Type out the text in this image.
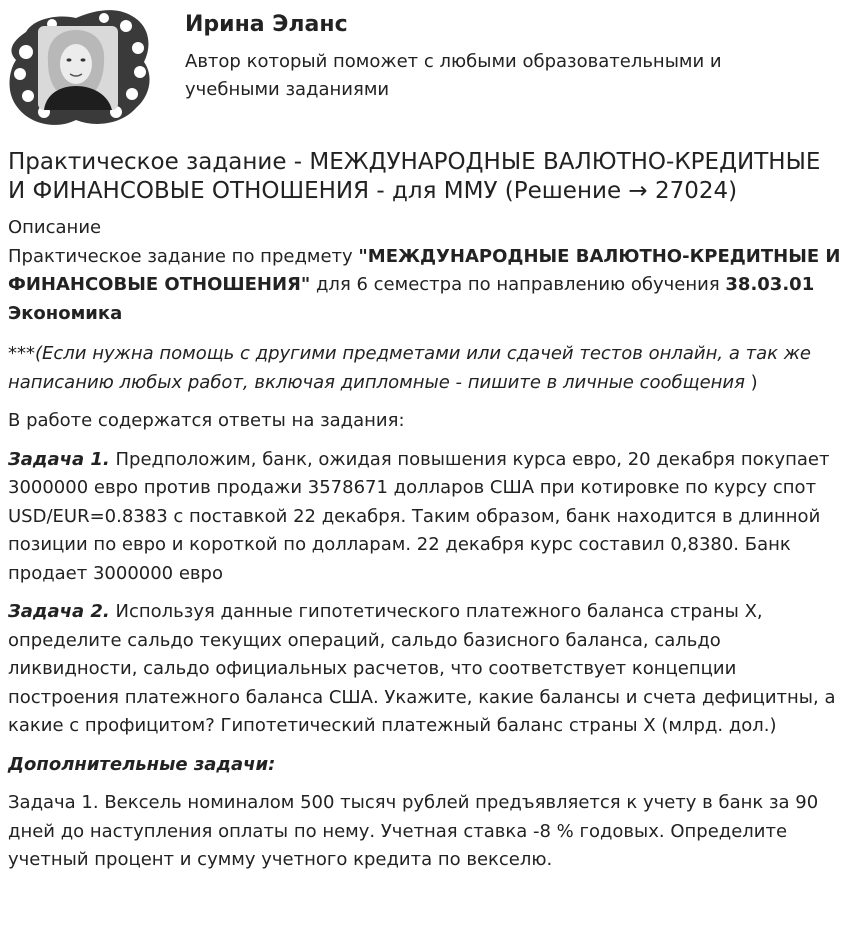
Ирина Эланс

Автор который поможет с любыми образовательными и учебными заданиями

Практическое задание - МЕЖДУНАРОДНЫЕ ВАЛЮТНО-КРЕДИТНЫЕ И ФИНАНСОВЫЕ ОТНОШЕНИЯ - для ММУ (Решение → 27024)

Описание

Практическое задание по предмету "МЕЖДУНАРОДНЫЕ ВАЛЮТНО-КРЕДИТНЫЕ И ФИНАНСОВЫЕ ОТНОШЕНИЯ" для 6 семестра по направлению обучения 38.03.01 Экономика

***(Если нужна помощь с другими предметами или сдачей тестов онлайн, а так же написанию любых работ, включая дипломные - пишите в личные сообщения )

В работе содержатся ответы на задания:

Задача 1. Предположим, банк, ожидая повышения курса евро, 20 декабря покупает 3000000 евро против продажи 3578671 долларов США при котировке по курсу спот USD/EUR=0.8383 с поставкой 22 декабря. Таким образом, банк находится в длинной позиции по евро и короткой по долларам. 22 декабря курс составил 0,8380. Банк продает 3000000 евро

Задача 2. Используя данные гипотетического платежного баланса страны X, определите сальдо текущих операций, сальдо базисного баланса, сальдо ликвидности, сальдо официальных расчетов, что соответствует концепции построения платежного баланса США. Укажите, какие балансы и счета дефицитны, а какие с профицитом? Гипотетический платежный баланс страны X (млрд. дол.)

Дополнительные задачи:

Задача 1. Вексель номиналом 500 тысяч рублей предъявляется к учету в банк за 90 дней до наступления оплаты по нему. Учетная ставка -8 % годовых. Определите учетный процент и сумму учетного кредита по векселю.
